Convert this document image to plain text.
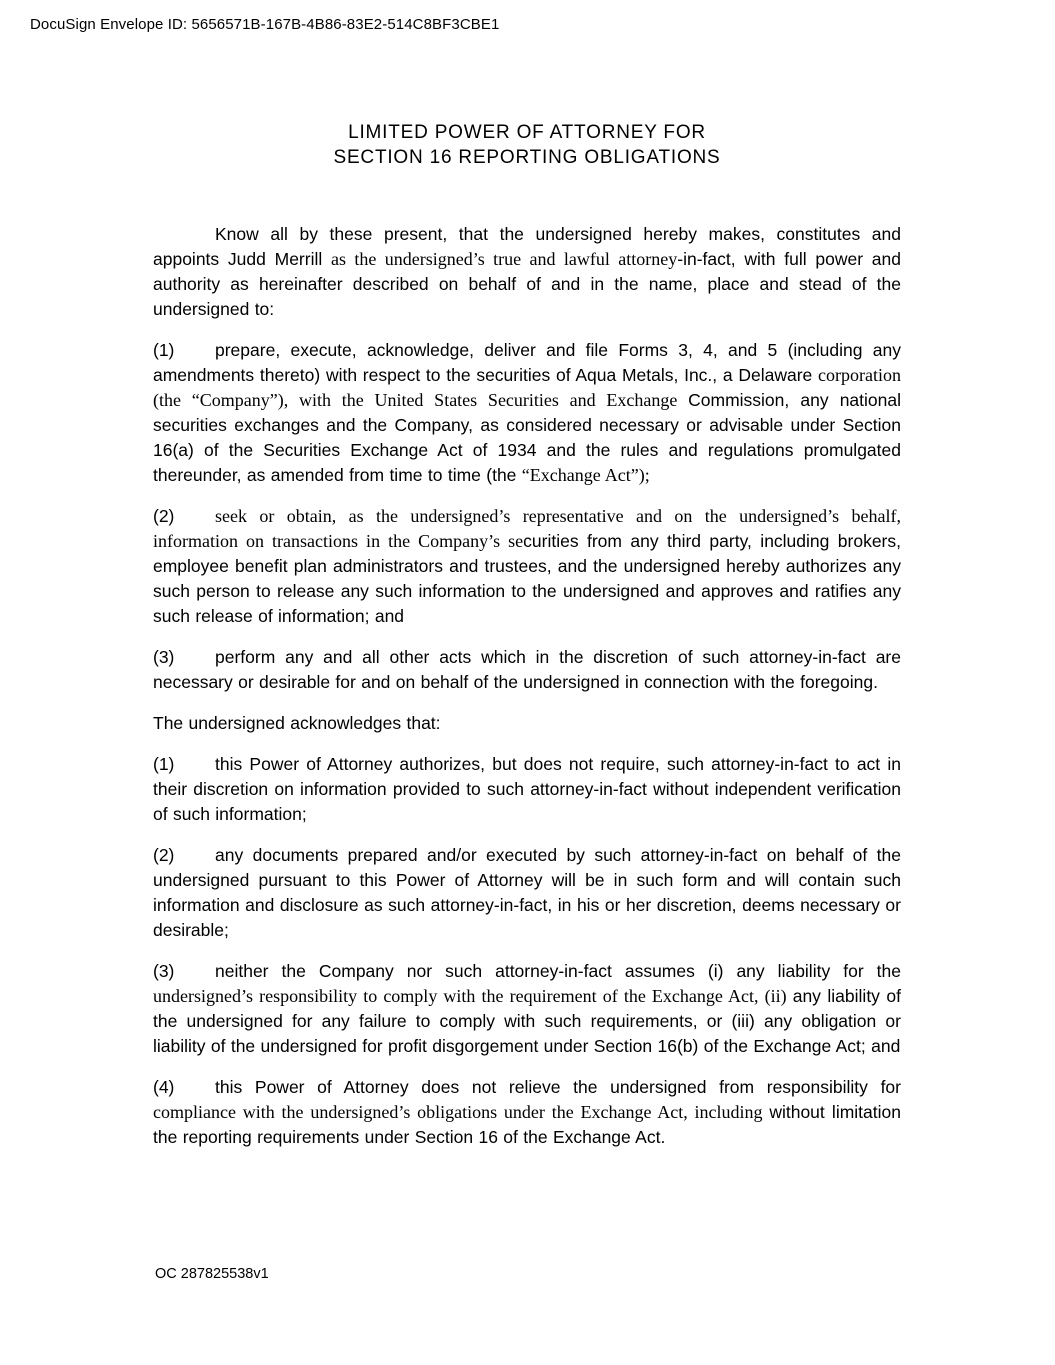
DocuSign Envelope ID: 5656571B-167B-4B86-83E2-514C8BF3CBE1
LIMITED POWER OF ATTORNEY FOR
SECTION 16 REPORTING OBLIGATIONS

Know all by these present, that the undersigned hereby makes, constitutes and appoints Judd Merrill as the undersigned’s true and lawful attorney-in-fact, with full power and authority as hereinafter described on behalf of and in the name, place and stead of the undersigned to:

(1) prepare, execute, acknowledge, deliver and file Forms 3, 4, and 5 (including any amendments thereto) with respect to the securities of Aqua Metals, Inc., a Delaware corporation (the “Company”), with the United States Securities and Exchange Commission, any national securities exchanges and the Company, as considered necessary or advisable under Section 16(a) of the Securities Exchange Act of 1934 and the rules and regulations promulgated thereunder, as amended from time to time (the “Exchange Act”);

(2) seek or obtain, as the undersigned’s representative and on the undersigned’s behalf, information on transactions in the Company’s securities from any third party, including brokers, employee benefit plan administrators and trustees, and the undersigned hereby authorizes any such person to release any such information to the undersigned and approves and ratifies any such release of information; and

(3) perform any and all other acts which in the discretion of such attorney-in-fact are necessary or desirable for and on behalf of the undersigned in connection with the foregoing.

The undersigned acknowledges that:

(1) this Power of Attorney authorizes, but does not require, such attorney-in-fact to act in their discretion on information provided to such attorney-in-fact without independent verification of such information;

(2) any documents prepared and/or executed by such attorney-in-fact on behalf of the undersigned pursuant to this Power of Attorney will be in such form and will contain such information and disclosure as such attorney-in-fact, in his or her discretion, deems necessary or desirable;

(3) neither the Company nor such attorney-in-fact assumes (i) any liability for the undersigned’s responsibility to comply with the requirement of the Exchange Act, (ii) any liability of the undersigned for any failure to comply with such requirements, or (iii) any obligation or liability of the undersigned for profit disgorgement under Section 16(b) of the Exchange Act; and

(4) this Power of Attorney does not relieve the undersigned from responsibility for compliance with the undersigned’s obligations under the Exchange Act, including without limitation the reporting requirements under Section 16 of the Exchange Act.

OC 287825538v1
